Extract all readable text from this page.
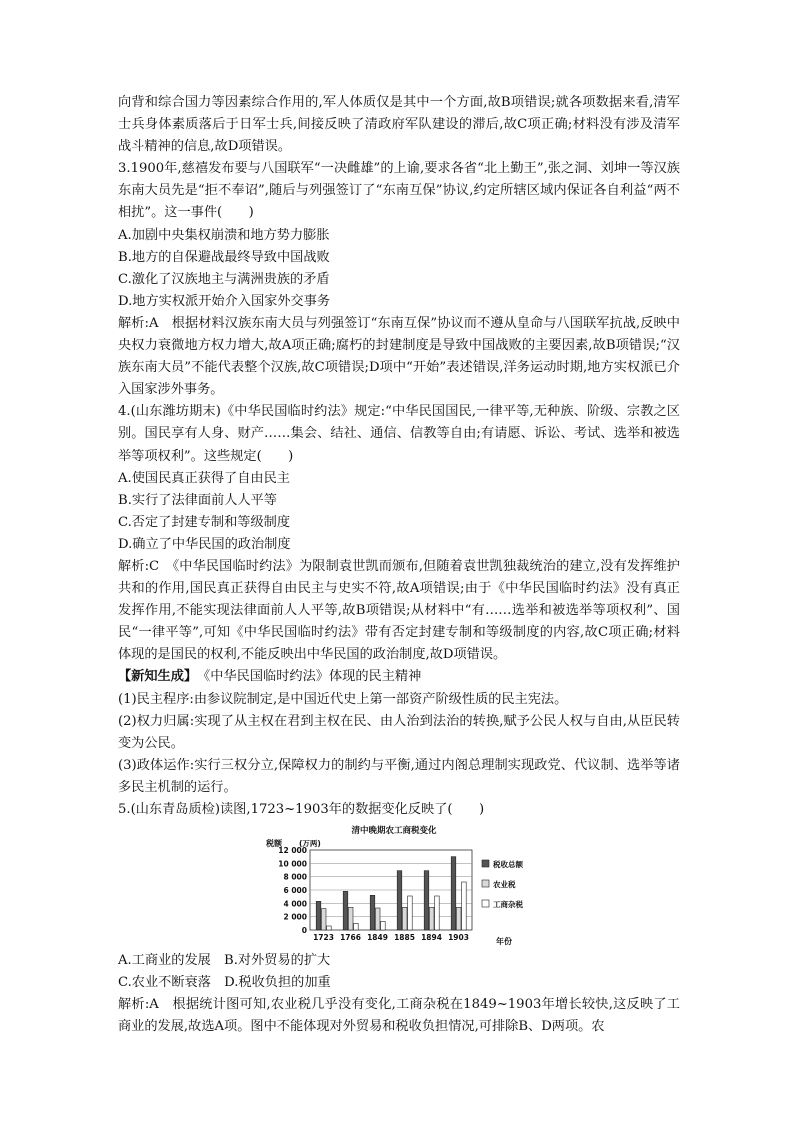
向背和综合国力等因素综合作用的,军人体质仅是其中一个方面,故B项错误;就各项数据来看,清军士兵身体素质落后于日军士兵,间接反映了清政府军队建设的滞后,故C项正确;材料没有涉及清军战斗精神的信息,故D项错误。

3.1900年,慈禧发布要与八国联军“一决雌雄”的上谕,要求各省“北上勤王”,张之洞、刘坤一等汉族东南大员先是“拒不奉诏”,随后与列强签订了“东南互保”协议,约定所辖区域内保证各自利益“两不相扰”。这一事件(　　)

A.加剧中央集权崩溃和地方势力膨胀

B.地方的自保避战最终导致中国战败

C.激化了汉族地主与满洲贵族的矛盾

D.地方实权派开始介入国家外交事务

解析:A　根据材料汉族东南大员与列强签订“东南互保”协议而不遵从皇命与八国联军抗战,反映中央权力衰微地方权力增大,故A项正确;腐朽的封建制度是导致中国战败的主要因素,故B项错误;“汉族东南大员”不能代表整个汉族,故C项错误;D项中“开始”表述错误,洋务运动时期,地方实权派已介入国家涉外事务。

4.(山东潍坊期末)《中华民国临时约法》规定:“中华民国国民,一律平等,无种族、阶级、宗教之区别。国民享有人身、财产……集会、结社、通信、信教等自由;有请愿、诉讼、考试、选举和被选举等项权利”。这些规定(　　)

A.使国民真正获得了自由民主

B.实行了法律面前人人平等

C.否定了封建专制和等级制度

D.确立了中华民国的政治制度

解析:C　《中华民国临时约法》为限制袁世凯而颁布,但随着袁世凯独裁统治的建立,没有发挥维护共和的作用,国民真正获得自由民主与史实不符,故A项错误;由于《中华民国临时约法》没有真正发挥作用,不能实现法律面前人人平等,故B项错误;从材料中“有……选举和被选举等项权利”、国民“一律平等”,可知《中华民国临时约法》带有否定封建专制和等级制度的内容,故C项正确;材料体现的是国民的权利,不能反映出中华民国的政治制度,故D项错误。

【新知生成】　《中华民国临时约法》体现的民主精神

(1)民主程序:由参议院制定,是中国近代史上第一部资产阶级性质的民主宪法。

(2)权力归属:实现了从主权在君到主权在民、由人治到法治的转换,赋予公民人权与自由,从臣民转变为公民。

(3)政体运作:实行三权分立,保障权力的制约与平衡,通过内阁总理制实现政党、代议制、选举等诸多民主机制的运行。

5.(山东青岛质检)读图,1723~1903年的数据变化反映了(　　)

清中晚期农工商税变化
税额 (万两)
年份
0
2 000
4 000
6 000
8 000
10 000
12 000
1723 1766 1849 1885 1894 1903
税收总额
农业税
工商杂税

A.工商业的发展　B.对外贸易的扩大

C.农业不断衰落　D.税收负担的加重

解析:A　根据统计图可知,农业税几乎没有变化,工商杂税在1849~1903年增长较快,这反映了工商业的发展,故选A项。图中不能体现对外贸易和税收负担情况,可排除B、D两项。农
